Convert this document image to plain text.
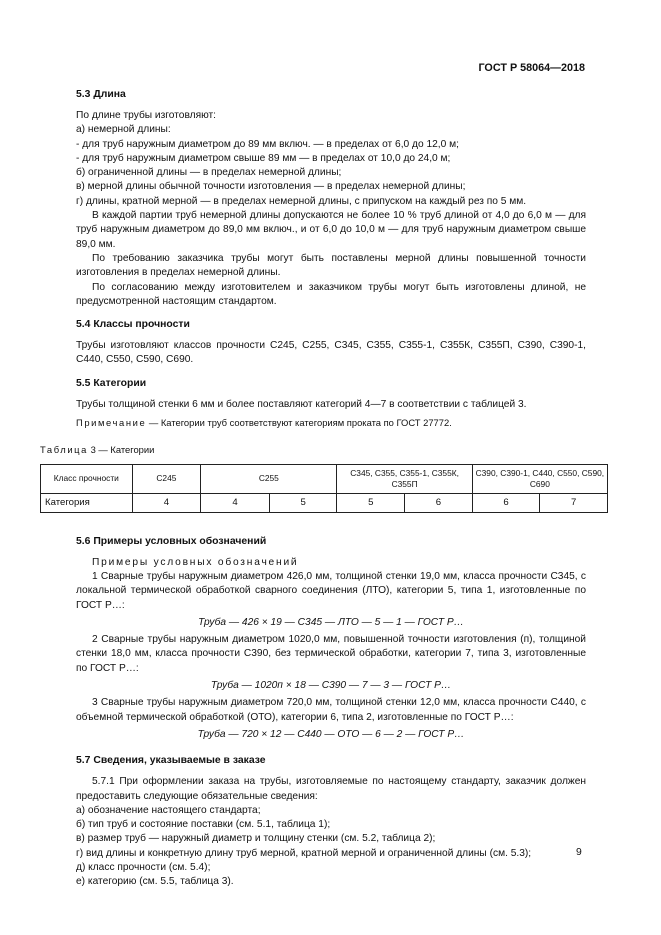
ГОСТ Р 58064—2018
5.3 Длина

По длине трубы изготовляют:

а) немерной длины:

- для труб наружным диаметром до 89 мм включ. — в пределах от 6,0 до 12,0 м;

- для труб наружным диаметром свыше 89 мм — в пределах от 10,0 до 24,0 м;

б) ограниченной длины — в пределах немерной длины;

в) мерной длины обычной точности изготовления — в пределах немерной длины;

г) длины, кратной мерной — в пределах немерной длины, с припуском на каждый рез по 5 мм.

В каждой партии труб немерной длины допускаются не более 10 % труб длиной от 4,0 до 6,0 м — для труб наружным диаметром до 89,0 мм включ., и от 6,0 до 10,0 м — для труб наружным диаметром свыше 89,0 мм.

По требованию заказчика трубы могут быть поставлены мерной длины повышенной точности изготовления в пределах немерной длины.

По согласованию между изготовителем и заказчиком трубы могут быть изготовлены длиной, не предусмотренной настоящим стандартом.

5.4 Классы прочности

Трубы изготовляют классов прочности С245, С255, С345, С355, С355-1, С355К, С355П, С390, С390-1, С440, С550, С590, С690.

5.5 Категории

Трубы толщиной стенки 6 мм и более поставляют категорий 4—7 в соответствии с таблицей 3.

Примечание — Категории труб соответствуют категориям проката по ГОСТ 27772.

Таблица 3 — Категории
Класс прочности	С245	С255		С345, С355, С355-1, С355К, С355П		С390, С390-1, С440, С550, С590, С690	
Категория	4	4	5	5	6	6	7
5.6 Примеры условных обозначений

Примеры условных обозначений

1 Сварные трубы наружным диаметром 426,0 мм, толщиной стенки 19,0 мм, класса прочности С345, с локальной термической обработкой сварного соединения (ЛТО), категории 5, типа 1, изготовленные по ГОСТ Р…:

Труба — 426 × 19 — С345 — ЛТО — 5 — 1 — ГОСТ Р…

2 Сварные трубы наружным диаметром 1020,0 мм, повышенной точности изготовления (п), толщиной стенки 18,0 мм, класса прочности С390, без термической обработки, категории 7, типа 3, изготовленные по ГОСТ Р…:

Труба — 1020п × 18 — С390 — 7 — 3 — ГОСТ Р…

3 Сварные трубы наружным диаметром 720,0 мм, толщиной стенки 12,0 мм, класса прочности С440, с объемной термической обработкой (ОТО), категории 6, типа 2, изготовленные по ГОСТ Р…:

Труба — 720 × 12 — С440 — ОТО — 6 — 2 — ГОСТ Р…

5.7 Сведения, указываемые в заказе

5.7.1 При оформлении заказа на трубы, изготовляемые по настоящему стандарту, заказчик должен предоставить следующие обязательные сведения:

а) обозначение настоящего стандарта;

б) тип труб и состояние поставки (см. 5.1, таблица 1);

в) размер труб — наружный диаметр и толщину стенки (см. 5.2, таблица 2);

г) вид длины и конкретную длину труб мерной, кратной мерной и ограниченной длины (см. 5.3);

д) класс прочности (см. 5.4);

е) категорию (см. 5.5, таблица 3).

9
